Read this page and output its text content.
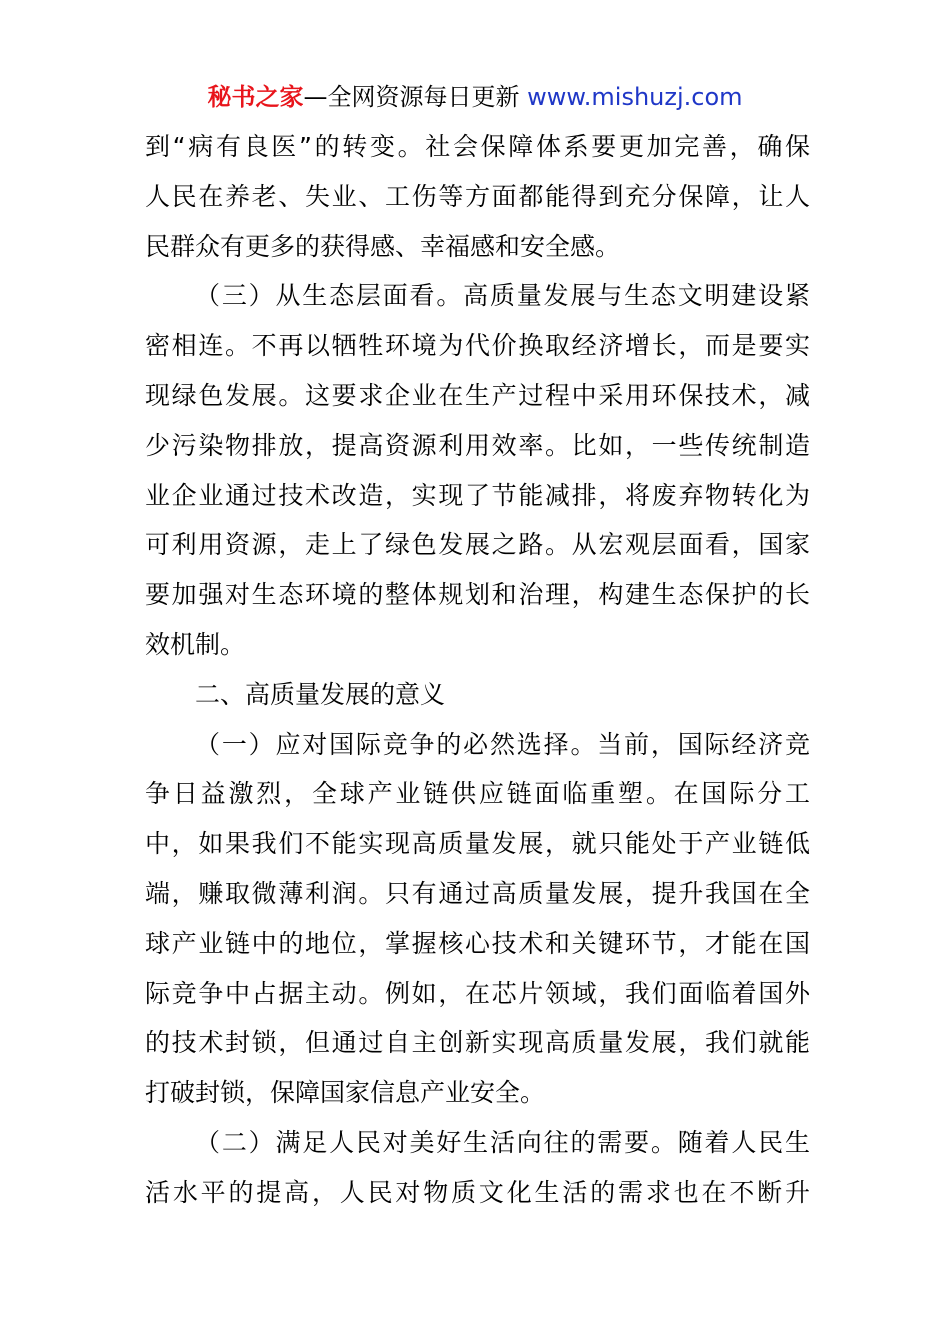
秘书之家—全网资源每日更新 www.mishuzj.com
到“病有良医”的转变。社会保障体系要更加完善，确保
人民在养老、失业、工伤等方面都能得到充分保障，让人
民群众有更多的获得感、幸福感和安全感。
（三）从生态层面看。高质量发展与生态文明建设紧
密相连。不再以牺牲环境为代价换取经济增长，而是要实
现绿色发展。这要求企业在生产过程中采用环保技术，减
少污染物排放，提高资源利用效率。比如，一些传统制造
业企业通过技术改造，实现了节能减排，将废弃物转化为
可利用资源，走上了绿色发展之路。从宏观层面看，国家
要加强对生态环境的整体规划和治理，构建生态保护的长
效机制。
二、高质量发展的意义
（一）应对国际竞争的必然选择。当前，国际经济竞
争日益激烈，全球产业链供应链面临重塑。在国际分工
中，如果我们不能实现高质量发展，就只能处于产业链低
端，赚取微薄利润。只有通过高质量发展，提升我国在全
球产业链中的地位，掌握核心技术和关键环节，才能在国
际竞争中占据主动。例如，在芯片领域，我们面临着国外
的技术封锁，但通过自主创新实现高质量发展，我们就能
打破封锁，保障国家信息产业安全。
（二）满足人民对美好生活向往的需要。随着人民生
活水平的提高，人民对物质文化生活的需求也在不断升
